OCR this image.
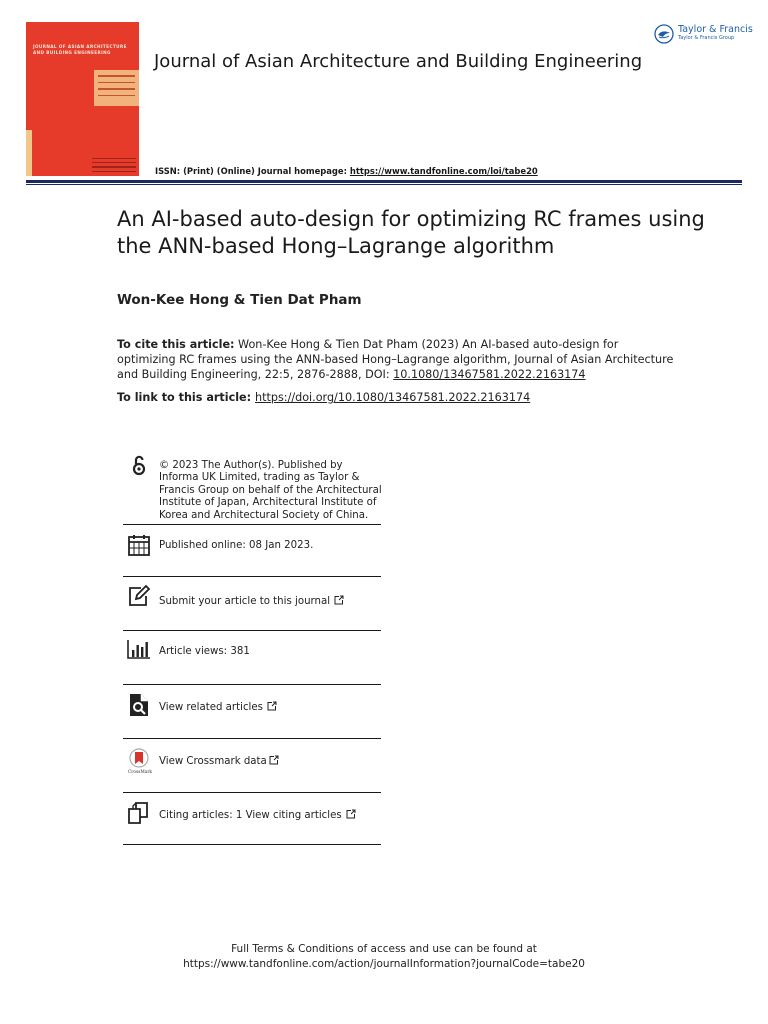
JOURNAL OF ASIAN ARCHITECTURE AND BUILDING ENGINEERING	Journal of Asian Architecture and Building Engineering
Taylor & Francis
Taylor & Francis Group
ISSN: (Print) (Online) Journal homepage: https://www.tandfonline.com/loi/tabe20
An AI-based auto-design for optimizing RC frames using the ANN-based Hong–Lagrange algorithm
Won-Kee Hong & Tien Dat Pham
To cite this article: Won-Kee Hong & Tien Dat Pham (2023) An AI-based auto-design for optimizing RC frames using the ANN-based Hong–Lagrange algorithm, Journal of Asian Architecture and Building Engineering, 22:5, 2876-2888, DOI: 10.1080/13467581.2022.2163174
To link to this article: https://doi.org/10.1080/13467581.2022.2163174
© 2023 The Author(s). Published by Informa UK Limited, trading as Taylor & Francis Group on behalf of the Architectural Institute of Japan, Architectural Institute of Korea and Architectural Society of China.
Published online: 08 Jan 2023.
Submit your article to this journal
Article views: 381
View related articles
CrossMark
View Crossmark data
Citing articles: 1 View citing articles
Full Terms & Conditions of access and use can be found at
https://www.tandfonline.com/action/journalInformation?journalCode=tabe20
